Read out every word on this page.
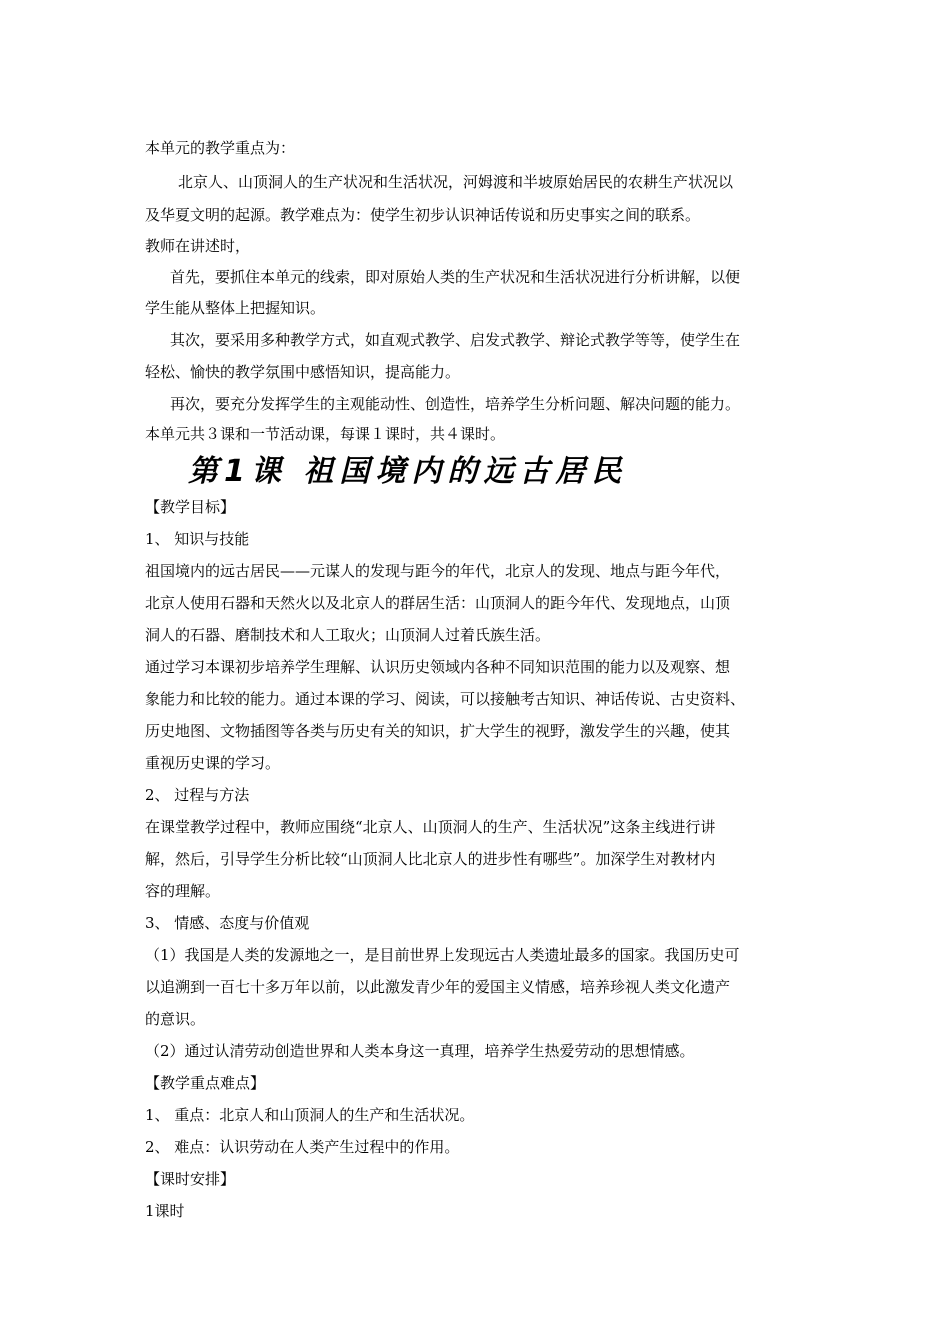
本单元的教学重点为：
北京人、山顶洞人的生产状况和生活状况，河姆渡和半坡原始居民的农耕生产状况以
及华夏文明的起源。教学难点为：使学生初步认识神话传说和历史事实之间的联系。
教师在讲述时，
首先，要抓住本单元的线索，即对原始人类的生产状况和生活状况进行分析讲解，以便
学生能从整体上把握知识。
其次，要采用多种教学方式，如直观式教学、启发式教学、辩论式教学等等，使学生在
轻松、愉快的教学氛围中感悟知识，提高能力。
再次，要充分发挥学生的主观能动性、创造性，培养学生分析问题、解决问题的能力。
本单元共３课和一节活动课，每课１课时，共４课时。
第1课 祖国境内的远古居民
【教学目标】
1、 知识与技能
祖国境内的远古居民——元谋人的发现与距今的年代，北京人的发现、地点与距今年代，
北京人使用石器和天然火以及北京人的群居生活：山顶洞人的距今年代、发现地点，山顶
洞人的石器、磨制技术和人工取火；山顶洞人过着氏族生活。
通过学习本课初步培养学生理解、认识历史领域内各种不同知识范围的能力以及观察、想
象能力和比较的能力。通过本课的学习、阅读，可以接触考古知识、神话传说、古史资料、
历史地图、文物插图等各类与历史有关的知识，扩大学生的视野，激发学生的兴趣，使其
重视历史课的学习。
2、 过程与方法
在课堂教学过程中，教师应围绕“北京人、山顶洞人的生产、生活状况”这条主线进行讲
解，然后，引导学生分析比较“山顶洞人比北京人的进步性有哪些”。加深学生对教材内
容的理解。
3、 情感、态度与价值观
（1）我国是人类的发源地之一，是目前世界上发现远古人类遗址最多的国家。我国历史可
以追溯到一百七十多万年以前，以此激发青少年的爱国主义情感，培养珍视人类文化遗产
的意识。
（2）通过认清劳动创造世界和人类本身这一真理，培养学生热爱劳动的思想情感。
【教学重点难点】
1、 重点：北京人和山顶洞人的生产和生活状况。
2、 难点：认识劳动在人类产生过程中的作用。
【课时安排】
1课时
